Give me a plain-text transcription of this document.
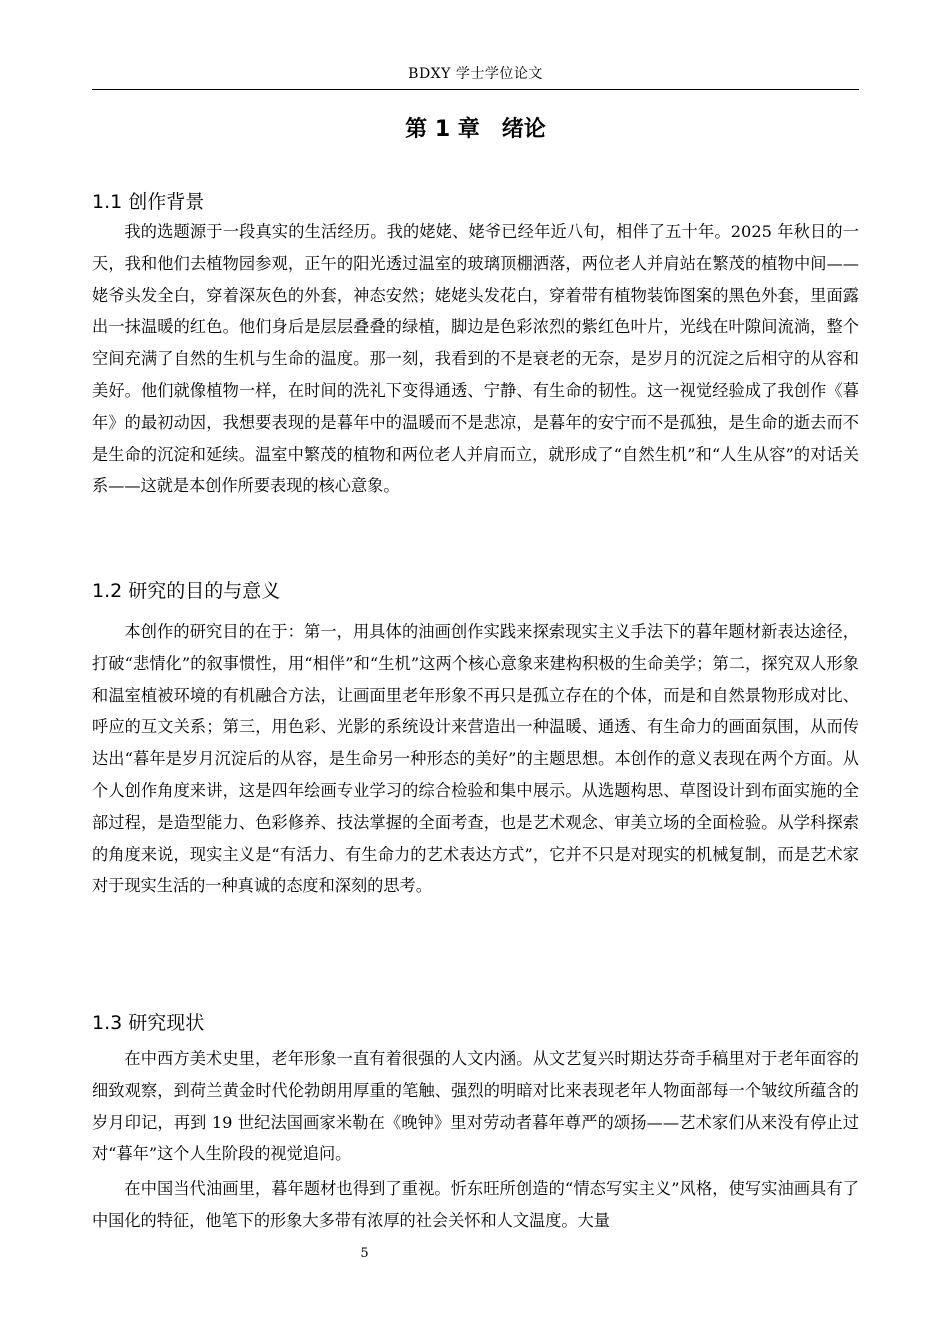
BDXY 学士学位论文
第 1 章　绪论
1.1 创作背景

我的选题源于一段真实的生活经历。我的姥姥、姥爷已经年近八旬，相伴了五十年。2025 年秋日的一天，我和他们去植物园参观，正午的阳光透过温室的玻璃顶棚洒落，两位老人并肩站在繁茂的植物中间——姥爷头发全白，穿着深灰色的外套，神态安然；姥姥头发花白，穿着带有植物装饰图案的黑色外套，里面露出一抹温暖的红色。他们身后是层层叠叠的绿植，脚边是色彩浓烈的紫红色叶片，光线在叶隙间流淌，整个空间充满了自然的生机与生命的温度。那一刻，我看到的不是衰老的无奈，是岁月的沉淀之后相守的从容和美好。他们就像植物一样，在时间的洗礼下变得通透、宁静、有生命的韧性。这一视觉经验成了我创作《暮年》的最初动因，我想要表现的是暮年中的温暖而不是悲凉，是暮年的安宁而不是孤独，是生命的逝去而不是生命的沉淀和延续。温室中繁茂的植物和两位老人并肩而立，就形成了“自然生机”和“人生从容”的对话关系——这就是本创作所要表现的核心意象。

1.2 研究的目的与意义

本创作的研究目的在于：第一，用具体的油画创作实践来探索现实主义手法下的暮年题材新表达途径，打破“悲情化”的叙事惯性，用“相伴”和“生机”这两个核心意象来建构积极的生命美学；第二，探究双人形象和温室植被环境的有机融合方法，让画面里老年形象不再只是孤立存在的个体，而是和自然景物形成对比、呼应的互文关系；第三，用色彩、光影的系统设计来营造出一种温暖、通透、有生命力的画面氛围，从而传达出“暮年是岁月沉淀后的从容，是生命另一种形态的美好”的主题思想。本创作的意义表现在两个方面。从个人创作角度来讲，这是四年绘画专业学习的综合检验和集中展示。从选题构思、草图设计到布面实施的全部过程，是造型能力、色彩修养、技法掌握的全面考查，也是艺术观念、审美立场的全面检验。从学科探索的角度来说，现实主义是“有活力、有生命力的艺术表达方式”，它并不只是对现实的机械复制，而是艺术家对于现实生活的一种真诚的态度和深刻的思考。

1.3 研究现状

在中西方美术史里，老年形象一直有着很强的人文内涵。从文艺复兴时期达芬奇手稿里对于老年面容的细致观察，到荷兰黄金时代伦勃朗用厚重的笔触、强烈的明暗对比来表现老年人物面部每一个皱纹所蕴含的岁月印记，再到 19 世纪法国画家米勒在《晚钟》里对劳动者暮年尊严的颂扬——艺术家们从来没有停止过对“暮年”这个人生阶段的视觉追问。

在中国当代油画里，暮年题材也得到了重视。忻东旺所创造的“情态写实主义”风格，使写实油画具有了中国化的特征，他笔下的形象大多带有浓厚的社会关怀和人文温度。大量

5
